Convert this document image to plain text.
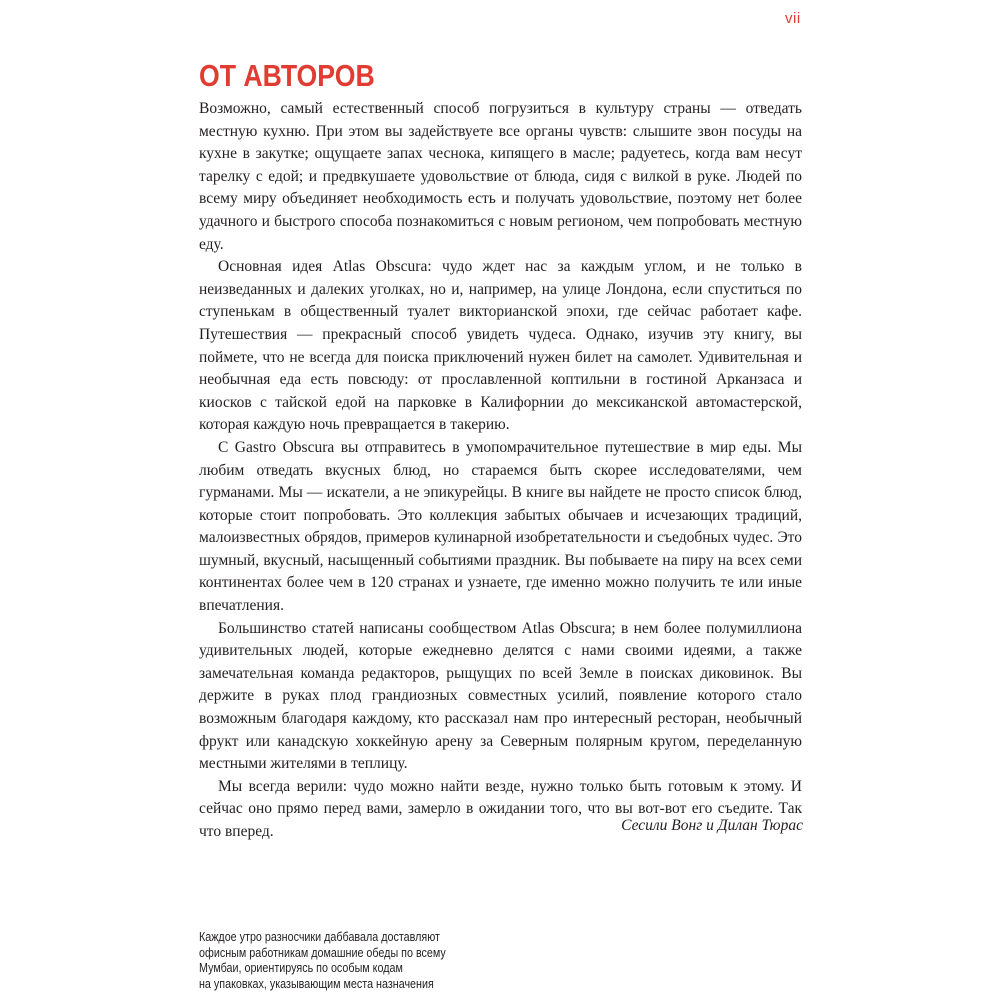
vii
ОТ АВТОРОВ

Возможно, самый естественный способ погрузиться в культуру страны — отведать местную кухню. При этом вы задействуете все органы чувств: слышите звон посуды на кухне в закутке; ощущаете запах чеснока, кипящего в масле; радуетесь, когда вам несут тарелку с едой; и предвкушаете удовольствие от блюда, сидя с вилкой в руке. Людей по всему миру объединяет необходимость есть и получать удовольствие, поэтому нет более удачного и быстрого способа познакомиться с новым регионом, чем попробовать местную еду.

Основная идея Atlas Obscura: чудо ждет нас за каждым углом, и не только в неизведанных и далеких уголках, но и, например, на улице Лондона, если спуститься по ступенькам в общественный туалет викторианской эпохи, где сейчас работает кафе. Путешествия — прекрасный способ увидеть чудеса. Однако, изучив эту книгу, вы поймете, что не всегда для поиска приключений нужен билет на самолет. Удивительная и необычная еда есть повсюду: от прославленной коптильни в гостиной Арканзаса и киосков с тайской едой на парковке в Калифорнии до мексиканской автомастерской, которая каждую ночь превращается в такерию.

С Gastro Obscura вы отправитесь в умопомрачительное путешествие в мир еды. Мы любим отведать вкусных блюд, но стараемся быть скорее исследователями, чем гурманами. Мы — искатели, а не эпикурейцы. В книге вы найдете не просто список блюд, которые стоит попробовать. Это коллекция забытых обычаев и исчезающих традиций, малоизвестных обрядов, примеров кулинарной изобретательности и съедобных чудес. Это шумный, вкусный, насыщенный событиями праздник. Вы побываете на пиру на всех семи континентах более чем в 120 странах и узнаете, где именно можно получить те или иные впечатления.

Большинство статей написаны сообществом Atlas Obscura; в нем более полумиллиона удивительных людей, которые ежедневно делятся с нами своими идеями, а также замечательная команда редакторов, рыщущих по всей Земле в поисках диковинок. Вы держите в руках плод грандиозных совместных усилий, появление которого стало возможным благодаря каждому, кто рассказал нам про интересный ресторан, необычный фрукт или канадскую хоккейную арену за Северным полярным кругом, переделанную местными жителями в теплицу.

Мы всегда верили: чудо можно найти везде, нужно только быть готовым к этому. И сейчас оно прямо перед вами, замерло в ожидании того, что вы вот-вот его съедите. Так что вперед.	Сесили Вонг и Дилан Тюрас
Каждое утро разносчики даббавала доставляют
офисным работникам домашние обеды по всему
Мумбаи, ориентируясь по особым кодам
на упаковках, указывающим места назначения
